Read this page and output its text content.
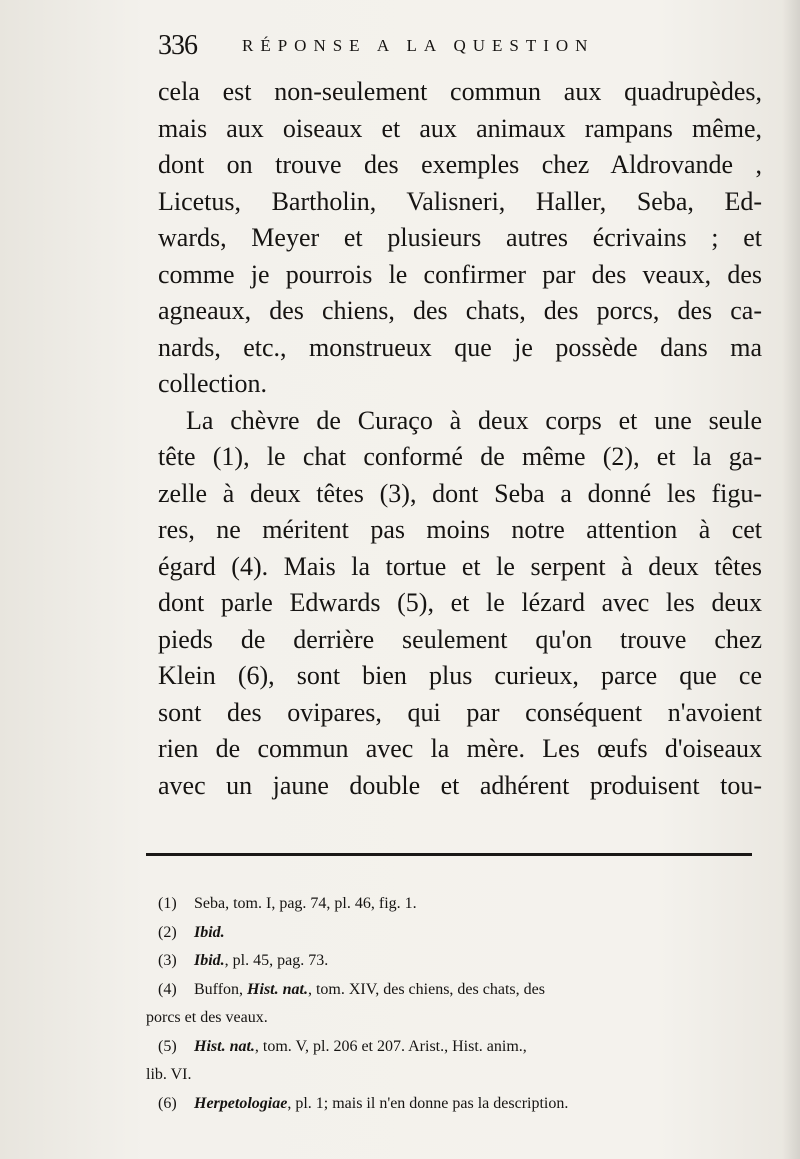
336	RÉPONSE A LA QUESTION
cela est non-seulement commun aux quadrupèdes,
mais aux oiseaux et aux animaux rampans même,
dont on trouve des exemples chez Aldrovande ,
Licetus, Bartholin, Valisneri, Haller, Seba, Ed-
wards, Meyer et plusieurs autres écrivains ; et
comme je pourrois le confirmer par des veaux, des
agneaux, des chiens, des chats, des porcs, des ca-
nards, etc., monstrueux que je possède dans ma
collection.
La chèvre de Curaço à deux corps et une seule
tête (1), le chat conformé de même (2), et la ga-
zelle à deux têtes (3), dont Seba a donné les figu-
res, ne méritent pas moins notre attention à cet
égard (4). Mais la tortue et le serpent à deux têtes
dont parle Edwards (5), et le lézard avec les deux
pieds de derrière seulement qu'on trouve chez
Klein (6), sont bien plus curieux, parce que ce
sont des ovipares, qui par conséquent n'avoient
rien de commun avec la mère. Les œufs d'oiseaux
avec un jaune double et adhérent produisent tou-
(1) Seba, tom. I, pag. 74, pl. 46, fig. 1.
(2) Ibid.
(3) Ibid., pl. 45, pag. 73.
(4) Buffon, Hist. nat., tom. XIV, des chiens, des chats, des
porcs et des veaux.
(5) Hist. nat., tom. V, pl. 206 et 207. Arist., Hist. anim.,
lib. VI.
(6) Herpetologiae, pl. 1; mais il n'en donne pas la description.
